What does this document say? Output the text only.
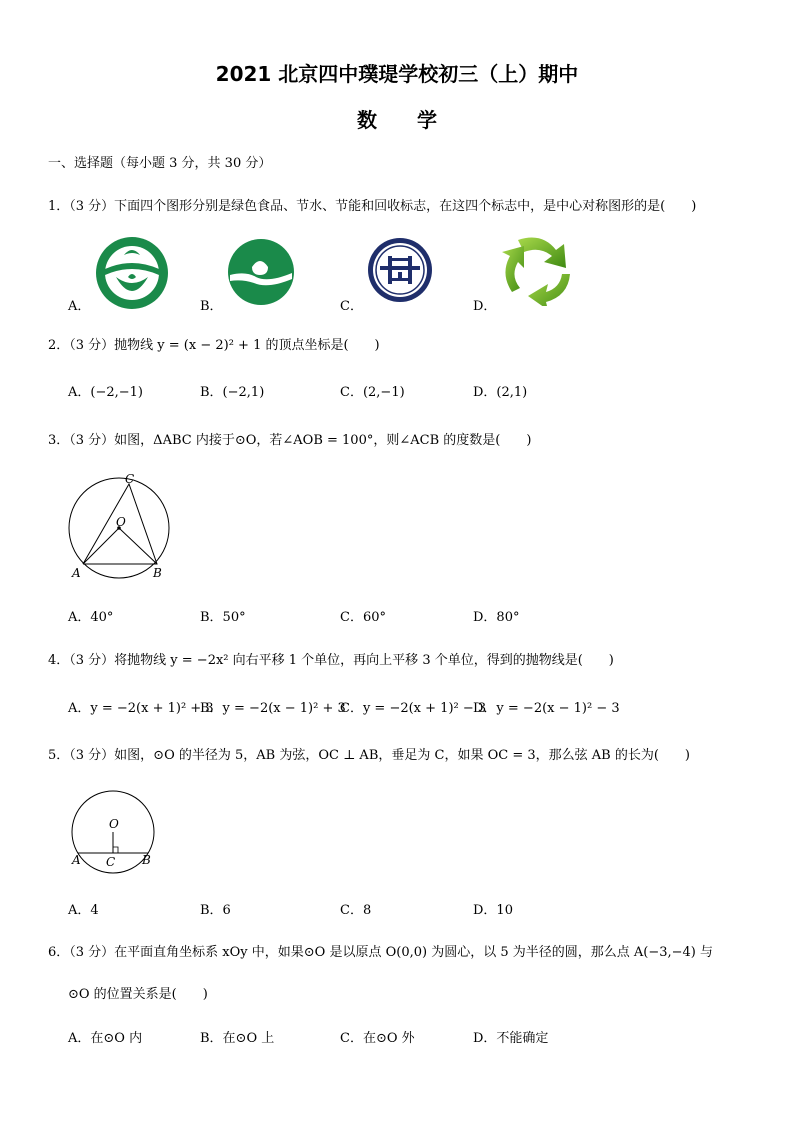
2021 北京四中璞瑅学校初三（上）期中
数学
一、选择题（每小题 3 分，共 30 分）
1．（3 分）下面四个图形分别是绿色食品、节水、节能和回收标志，在这四个标志中，是中心对称图形的是(　　)
A．	B．	C．	D．
2．（3 分）抛物线 y = (x − 2)² + 1 的顶点坐标是(　　)
A．(−2,−1)	B．(−2,1)	C．(2,−1)	D．(2,1)
3．（3 分）如图，ΔABC 内接于⊙O，若∠AOB = 100°，则∠ACB 的度数是(　　)
C
O
A	B
A．40°	B．50°	C．60°	D．80°
4．（3 分）将抛物线 y = −2x² 向右平移 1 个单位，再向上平移 3 个单位，得到的抛物线是(　　)
A．y = −2(x + 1)² + 3
B．y = −2(x − 1)² + 3
C．y = −2(x + 1)² − 3
D．y = −2(x − 1)² − 3
5．（3 分）如图，⊙O 的半径为 5，AB 为弦，OC ⊥ AB，垂足为 C，如果 OC = 3，那么弦 AB 的长为(　　)
O
A C B
A．4	B．6	C．8	D．10
6．（3 分）在平面直角坐标系 xOy 中，如果⊙O 是以原点 O(0,0) 为圆心，以 5 为半径的圆，那么点 A(−3,−4) 与
⊙O 的位置关系是(　　)
A．在⊙O 内	B．在⊙O 上	C．在⊙O 外	D．不能确定
